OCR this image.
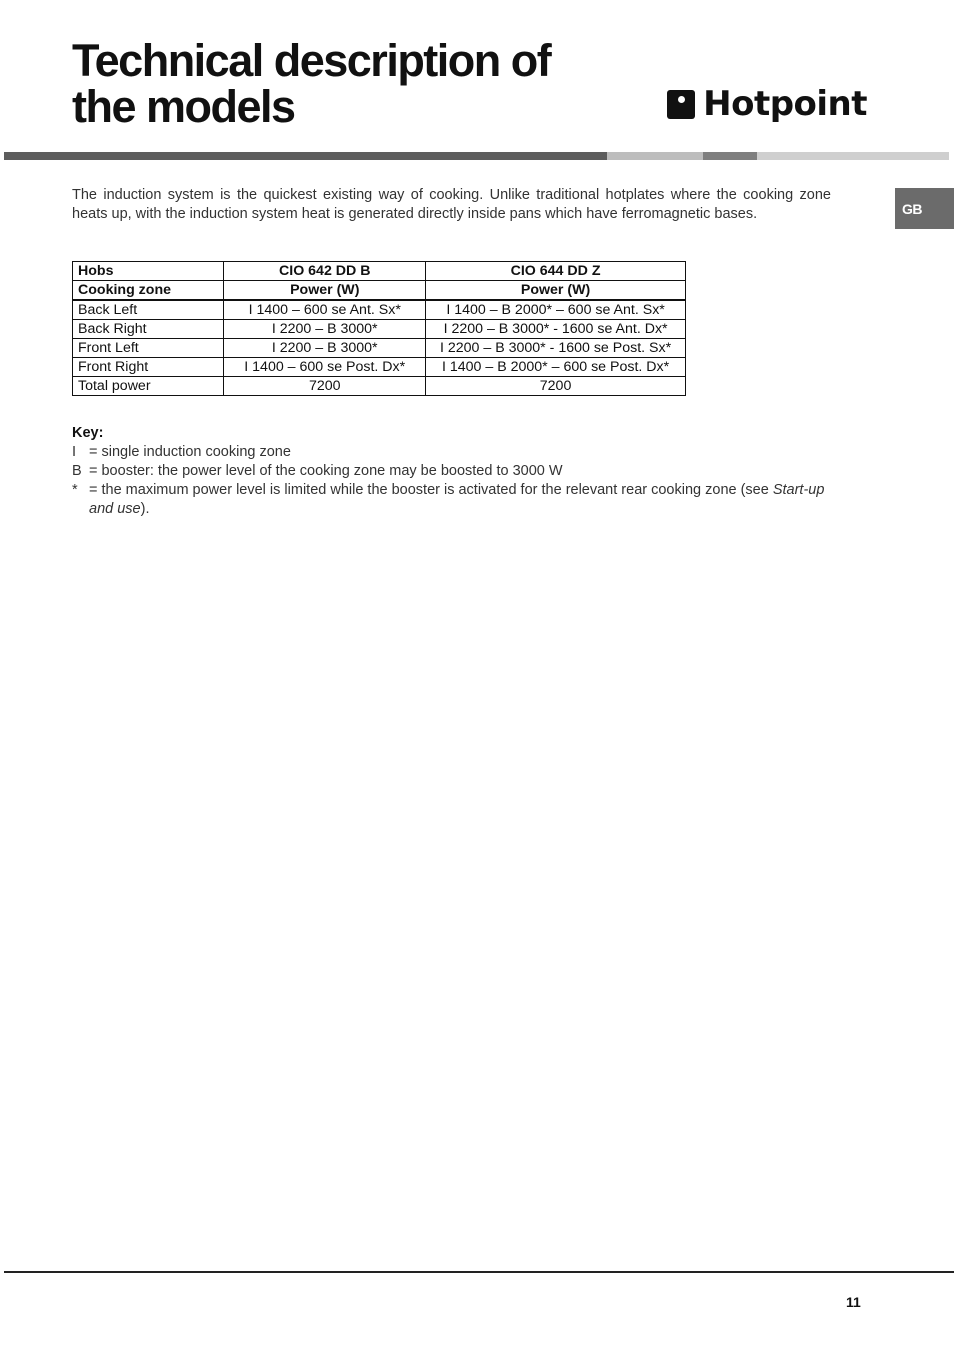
Technical description of
the models	Hotpoint
GB

The induction system is the quickest existing way of cooking. Unlike traditional hotplates where the cooking zone heats up, with the induction system heat is generated directly inside pans which have ferromagnetic bases.

Hobs	CIO 642 DD B	CIO 644 DD Z
Cooking zone	Power (W)	Power (W)
Back Left	I 1400 – 600 se Ant. Sx*	I 1400 – B 2000* – 600 se Ant. Sx*
Back Right	I 2200 – B 3000*	I 2200 – B 3000* - 1600 se Ant. Dx*
Front Left	I 2200 – B 3000*	I 2200 – B 3000* - 1600 se Post. Sx*
Front Right	I 1400 – 600 se Post. Dx*	I 1400 – B 2000* – 600 se Post. Dx*
Total power	7200	7200
Key:
I = single induction cooking zone
B = booster: the power level of the cooking zone may be boosted to 3000 W
* = the maximum power level is limited while the booster is activated for the relevant rear cooking zone (see Start-up and use).
11
